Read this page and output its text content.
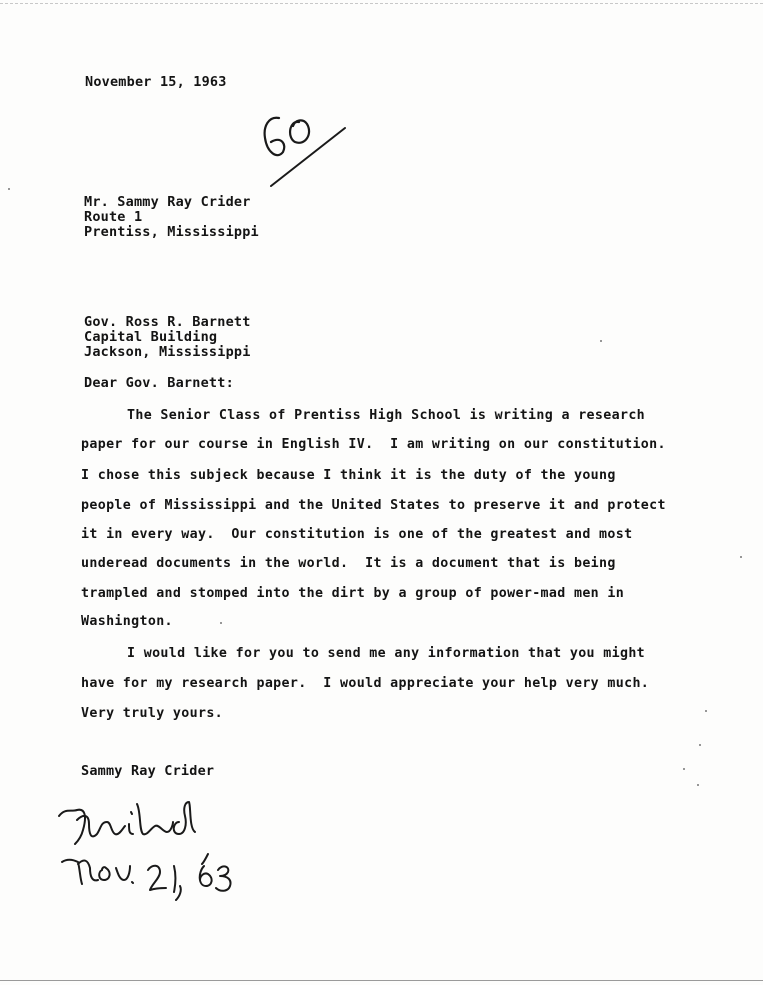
November 15, 1963
Mr. Sammy Ray Crider
Route 1
Prentiss, Mississippi
Gov. Ross R. Barnett
Capital Building
Jackson, Mississippi
Dear Gov. Barnett:
The Senior Class of Prentiss High School is writing a research
paper for our course in English IV.  I am writing on our constitution.
I chose this subjeck because I think it is the duty of the young
people of Mississippi and the United States to preserve it and protect
it in every way.  Our constitution is one of the greatest and most
underead documents in the world.  It is a document that is being
trampled and stomped into the dirt by a group of power-mad men in
Washington.
I would like for you to send me any information that you might
have for my research paper.  I would appreciate your help very much.
Very truly yours.
Sammy Ray Crider
